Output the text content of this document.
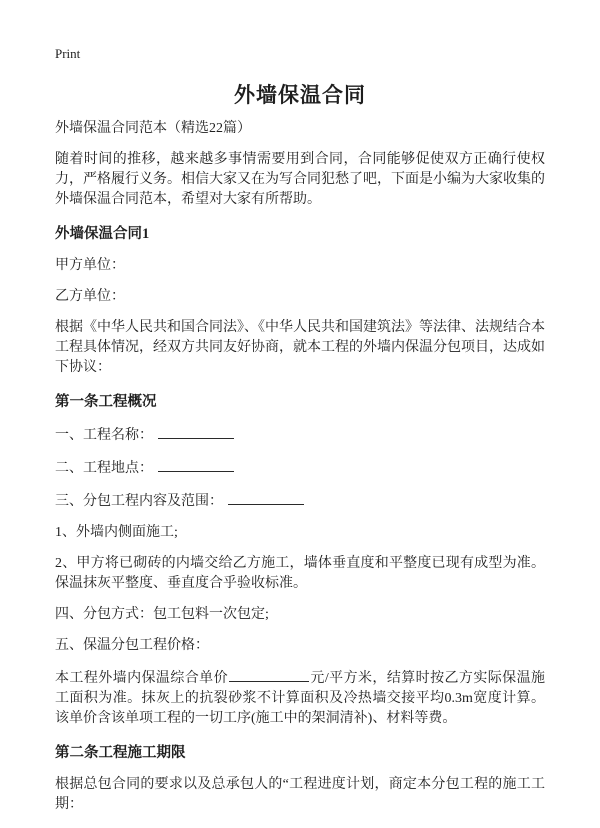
Print
外墙保温合同

外墙保温合同范本（精选22篇）

随着时间的推移，越来越多事情需要用到合同，合同能够促使双方正确行使权力，严格履行义务。相信大家又在为写合同犯愁了吧，下面是小编为大家收集的外墙保温合同范本，希望对大家有所帮助。

外墙保温合同1

甲方单位：

乙方单位：

根据《中华人民共和国合同法》、《中华人民共和国建筑法》等法律、法规结合本工程具体情况，经双方共同友好协商，就本工程的外墙内保温分包项目，达成如下协议：

第一条工程概况

一、工程名称：

二、工程地点：

三、分包工程内容及范围：

1、外墙内侧面施工;

2、甲方将已砌砖的内墙交给乙方施工，墙体垂直度和平整度已现有成型为准。保温抹灰平整度、垂直度合乎验收标准。

四、分包方式：包工包料一次包定;

五、保温分包工程价格：

本工程外墙内保温综合单价	元/平方米，结算时按乙方实际保温施工面积为准。抹灰上的抗裂砂浆不计算面积及冷热墙交接平均0.3m宽度计算。该单价含该单项工程的一切工序(施工中的架洞清补)、材料等费。

第二条工程施工期限

根据总包合同的要求以及总承包人的“工程进度计划，商定本分包工程的施工工期：
